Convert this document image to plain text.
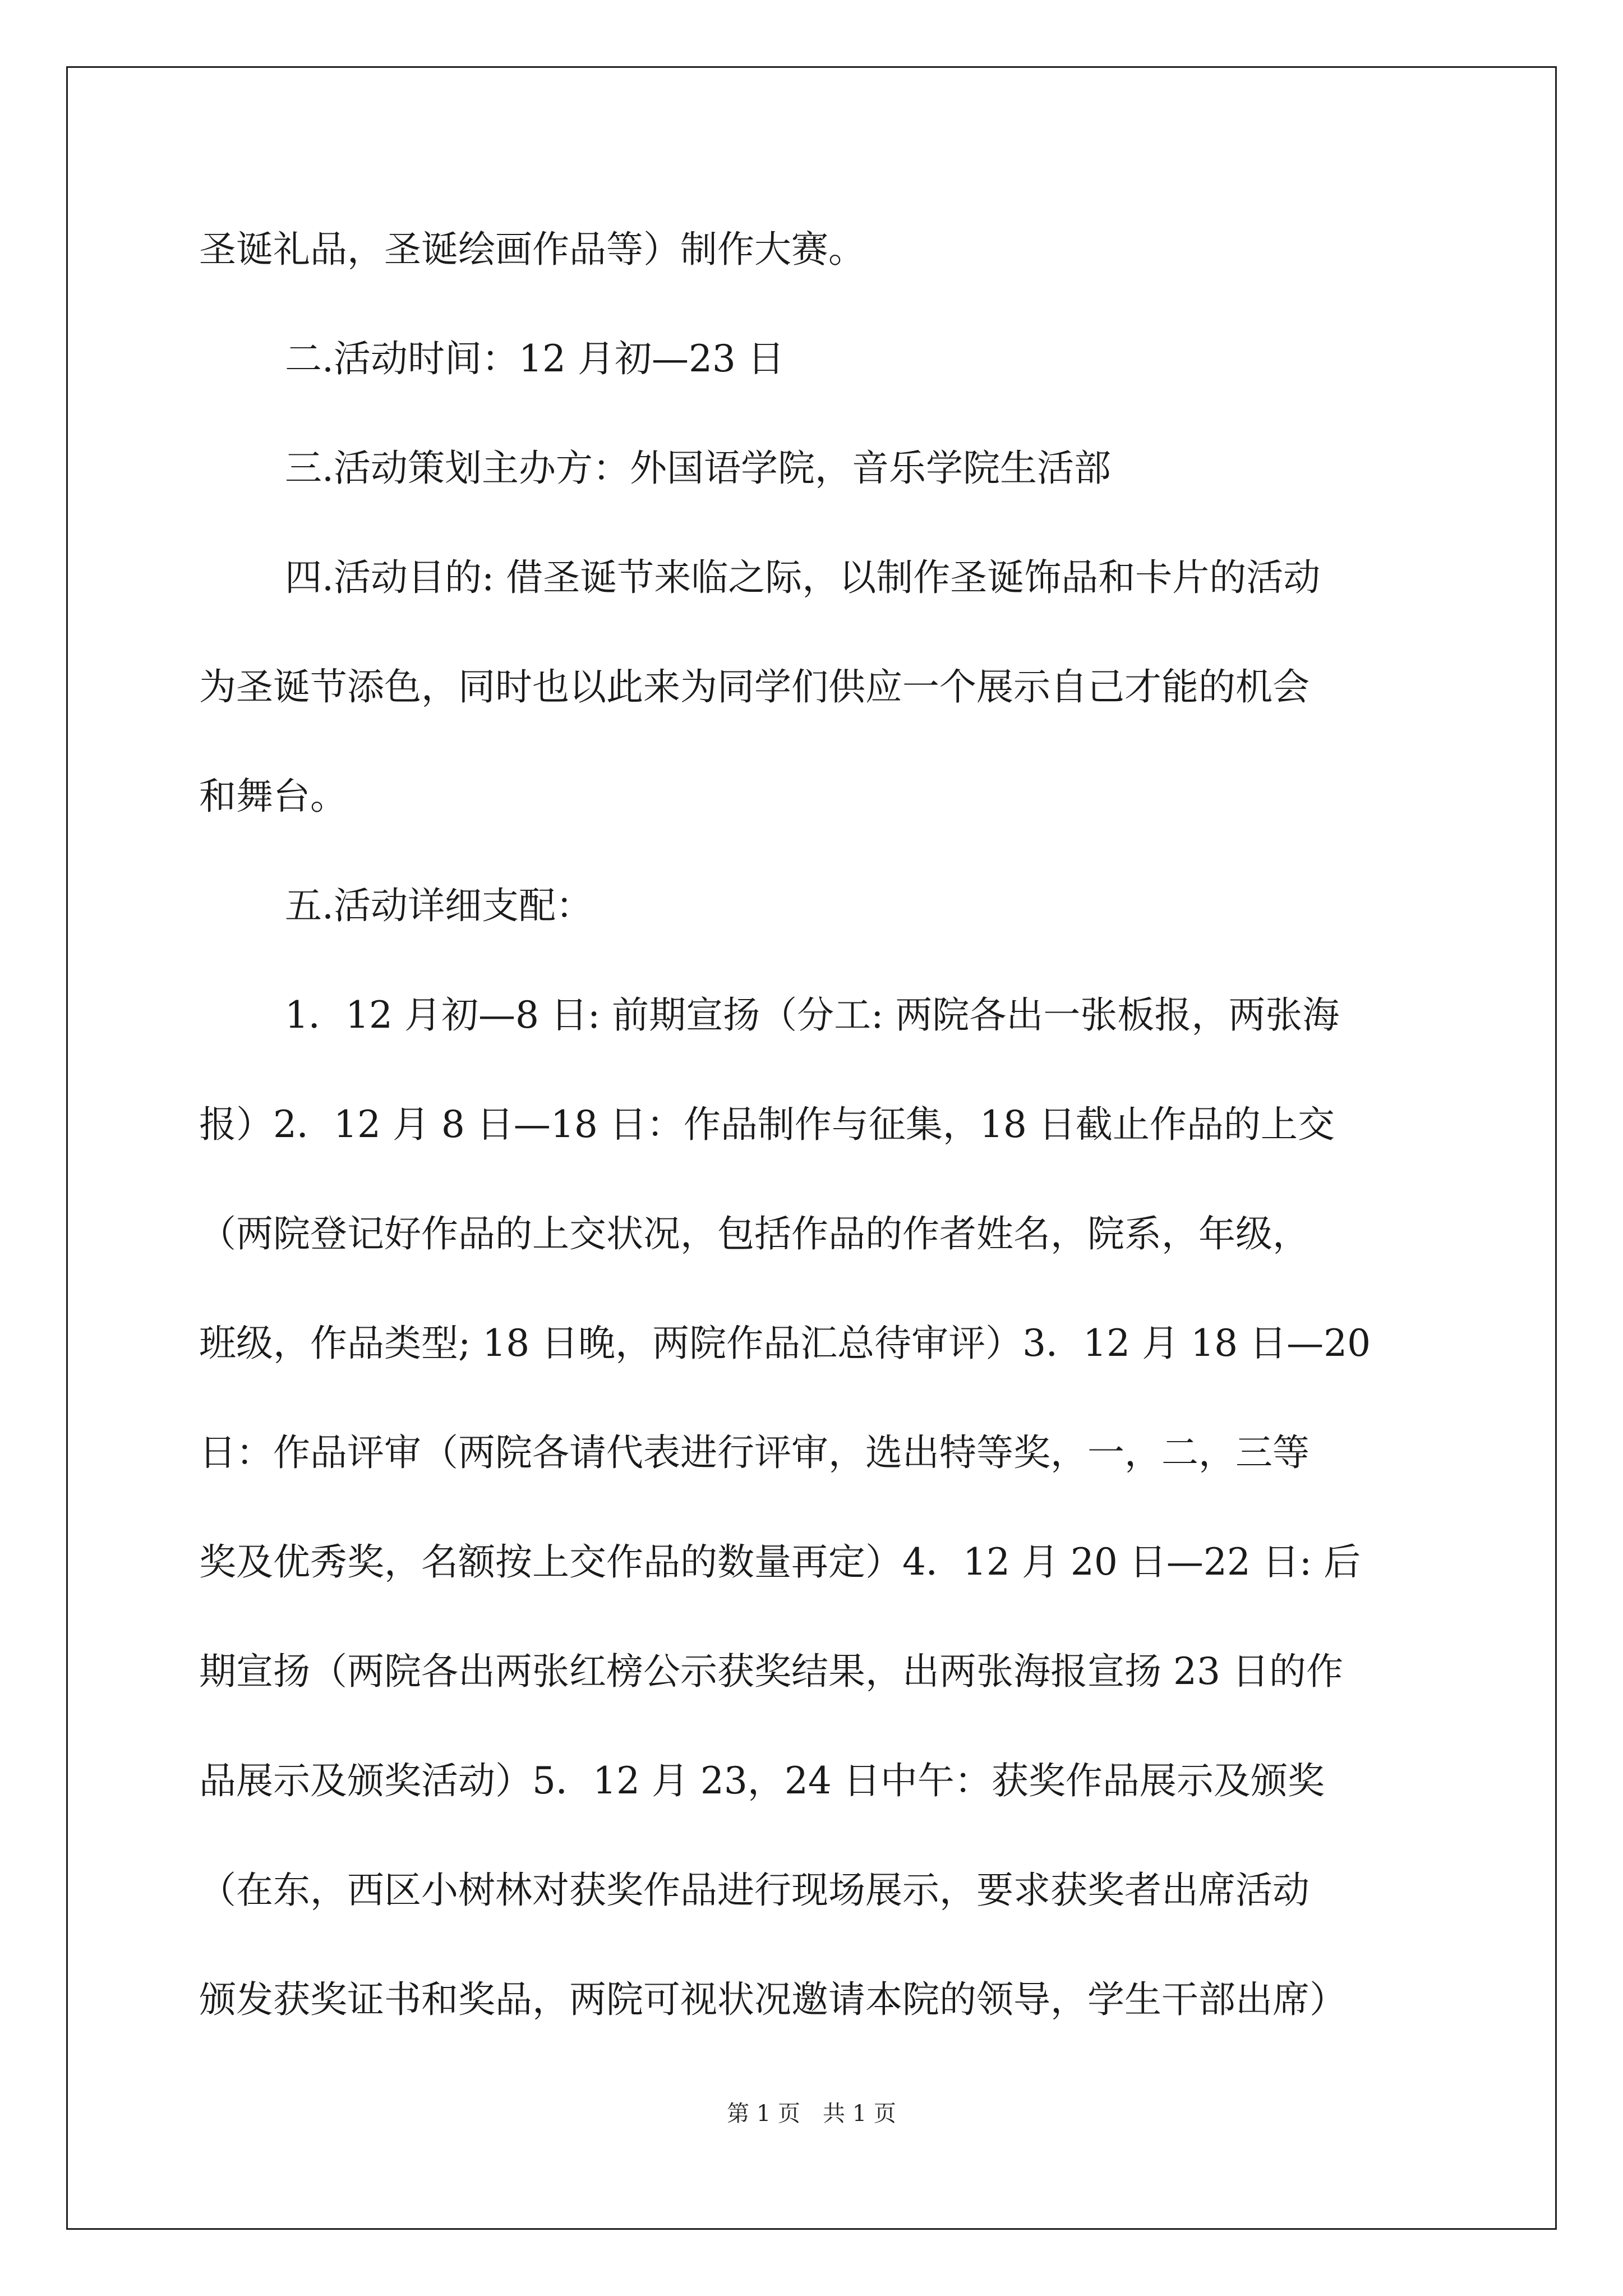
圣诞礼品，圣诞绘画作品等）制作大赛。
二.活动时间：12 月初—23 日
三.活动策划主办方：外国语学院，音乐学院生活部
四.活动目的: 借圣诞节来临之际，以制作圣诞饰品和卡片的活动
为圣诞节添色，同时也以此来为同学们供应一个展示自己才能的机会
和舞台。
五.活动详细支配：
1．12 月初—8 日: 前期宣扬（分工: 两院各出一张板报，两张海
报）2．12 月 8 日—18 日：作品制作与征集，18 日截止作品的上交
（两院登记好作品的上交状况，包括作品的作者姓名，院系，年级，
班级，作品类型; 18 日晚，两院作品汇总待审评）3．12 月 18 日—20
日：作品评审（两院各请代表进行评审，选出特等奖，一，二，三等
奖及优秀奖，名额按上交作品的数量再定）4．12 月 20 日—22 日: 后
期宣扬（两院各出两张红榜公示获奖结果，出两张海报宣扬 23 日的作
品展示及颁奖活动）5．12 月 23，24 日中午：获奖作品展示及颁奖
（在东，西区小树林对获奖作品进行现场展示，要求获奖者出席活动
颁发获奖证书和奖品，两院可视状况邀请本院的领导，学生干部出席）
第 1 页 共 1 页
